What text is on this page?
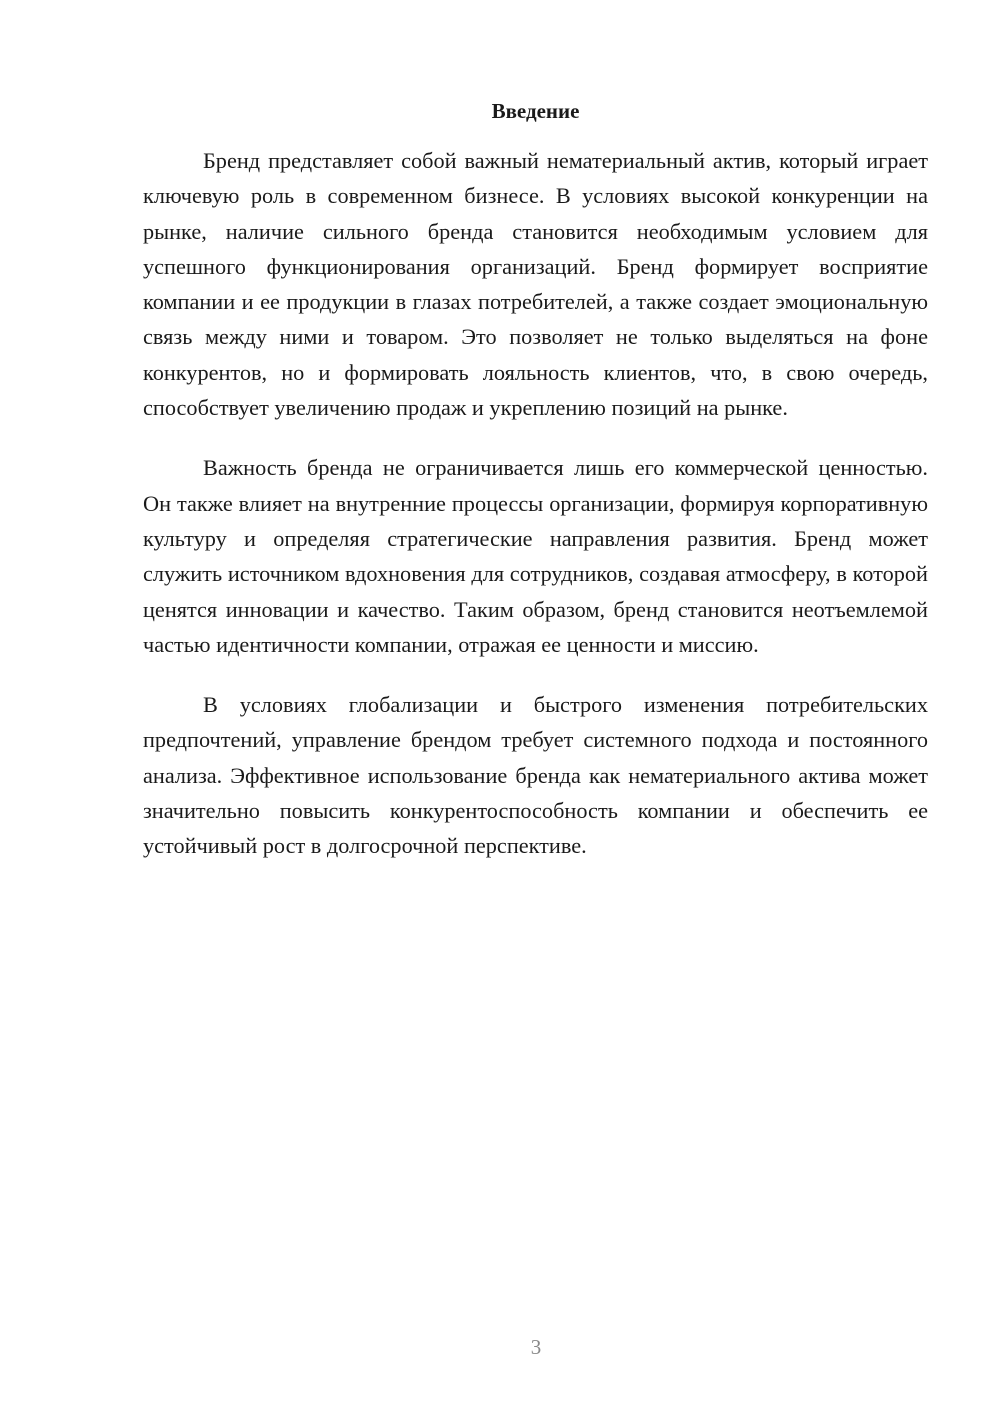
Введение

Бренд представляет собой важный нематериальный актив, который играет ключевую роль в современном бизнесе. В условиях высокой конкуренции на рынке, наличие сильного бренда становится необходимым условием для успешного функционирования организаций. Бренд формирует восприятие компании и ее продукции в глазах потребителей, а также создает эмоциональную связь между ними и товаром. Это позволяет не только выделяться на фоне конкурентов, но и формировать лояльность клиентов, что, в свою очередь, способствует увеличению продаж и укреплению позиций на рынке.

Важность бренда не ограничивается лишь его коммерческой ценностью. Он также влияет на внутренние процессы организации, формируя корпоративную культуру и определяя стратегические направления развития. Бренд может служить источником вдохновения для сотрудников, создавая атмосферу, в которой ценятся инновации и качество. Таким образом, бренд становится неотъемлемой частью идентичности компании, отражая ее ценности и миссию.

В условиях глобализации и быстрого изменения потребительских предпочтений, управление брендом требует системного подхода и постоянного анализа. Эффективное использование бренда как нематериального актива может значительно повысить конкурентоспособность компании и обеспечить ее устойчивый рост в долгосрочной перспективе.

3
